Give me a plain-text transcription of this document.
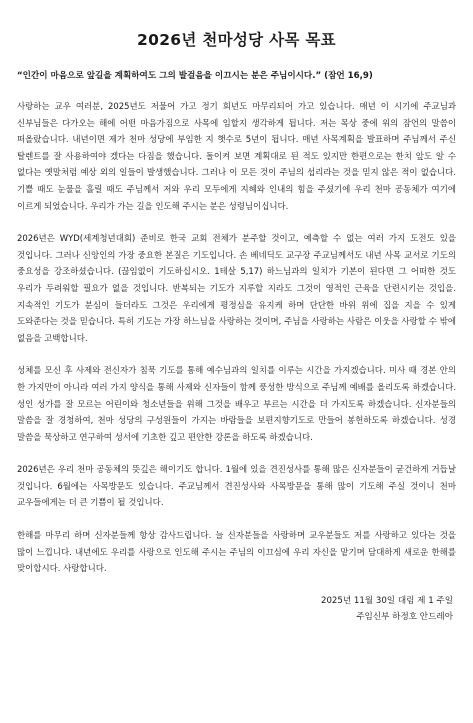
2026년 천마성당 사목 목표

“인간이 마음으로 앞길을 계획하여도 그의 발걸음을 이끄시는 분은 주님이시다.” (잠언 16,9)

사랑하는 교우 여러분, 2025년도 저물어 가고 정기 회년도 마무리되어 가고 있습니다. 매년 이 시기에 주교님과 신부님들은 다가오는 해에 어떤 마음가짐으로 사목에 임할지 생각하게 됩니다. 저는 목상 중에 위의 잠언의 말씀이 떠올랐습니다. 내년이면 제가 천마 성당에 부임한 지 햇수로 5년이 됩니다. 매년 사목계획을 발표하며 주님께서 주신 탈렌트를 잘 사용하여야 겠다는 다짐을 했습니다. 돌이켜 보면 계획대로 된 적도 있지만 한편으로는 한치 앞도 알 수 없다는 옛말처럼 예상 외의 일들이 발생했습니다. 그러나 이 모든 것이 주님의 섭리라는 것을 믿지 않은 적이 없습니다. 기쁠 때도 눈물을 흘릴 때도 주님께서 저와 우리 모두에게 지혜와 인내의 힘을 주셨기에 우리 천마 공동체가 여기에 이르게 되었습니다. 우리가 가는 길을 인도해 주시는 분은 성령님이십니다.

2026년은 WYD(세계청년대회) 준비로 한국 교회 전체가 분주할 것이고, 예측할 수 없는 여러 가지 도전도 있을 것입니다. 그러나 신앙인의 가장 중요한 본질은 기도입니다. 손 베네딕도 교구장 주교님께서도 내년 사목 교서로 기도의 중요성을 강조하셨습니다. (끊임없이 기도하십시오. 1테살 5,17) 하느님과의 일치가 기본이 된다면 그 어떠한 것도 우리가 두려워할 필요가 없을 것입니다. 반복되는 기도가 지루할 지라도 그것이 영적인 근육을 단련시키는 것입을. 지속적인 기도가 분심이 들더라도 그것은 우리에게 평정심을 유지케 하며 단단한 바위 위에 집을 지을 수 있게 도와준다는 것을 믿습니다. 특히 기도는 가장 하느님을 사랑하는 것이며, 주님을 사랑하는 사람은 이웃을 사랑할 수 밖에 없음을 고백합니다.

성체를 모신 후 사제와 전신자가 침묵 기도를 통해 예수님과의 일치를 이루는 시간을 가지겠습니다. 미사 때 경본 안의 한 가지만이 아니라 여러 가지 양식을 통해 사제와 신자들이 함께 풍성한 방식으로 주님께 예배를 올리도록 하겠습니다. 성인 성가를 잘 모르는 어린이와 청소년들을 위해 그것을 배우고 부르는 시간을 더 가지도록 하겠습니다. 신자분들의 말씀을 잘 경청하여, 천마 성당의 구성원들이 가지는 바람들을 보편지향기도로 만들어 봉헌하도록 하겠습니다. 성경 말씀을 묵상하고 연구하여 성서에 기초한 깊고 편안한 강론을 하도록 하겠습니다.

2026년은 우리 천마 공동체의 뜻깊은 해이기도 합니다. 1월에 있을 견진성사를 통해 많은 신자분들이 굳건하게 거듭날 것입니다. 6월에는 사목방문도 있습니다. 주교님께서 견진성사와 사목방문을 통해 많이 기도해 주실 것이니 천마 교우들에게는 더 큰 기쁨이 될 것입니다.

한해를 마무리 하며 신자분들께 항상 감사드립니다. 늘 신자분들을 사랑하며 교우분들도 저를 사랑하고 있다는 것을 많이 느낍니다. 내년에도 우리를 사랑으로 인도해 주시는 주님의 이끄심에 우리 자신을 맡기며 담대하게 새로운 한해를 맞이합시다. 사랑합니다.

2025년 11월 30일 대림 제 1 주일
주임신부 하정호 안드레아
